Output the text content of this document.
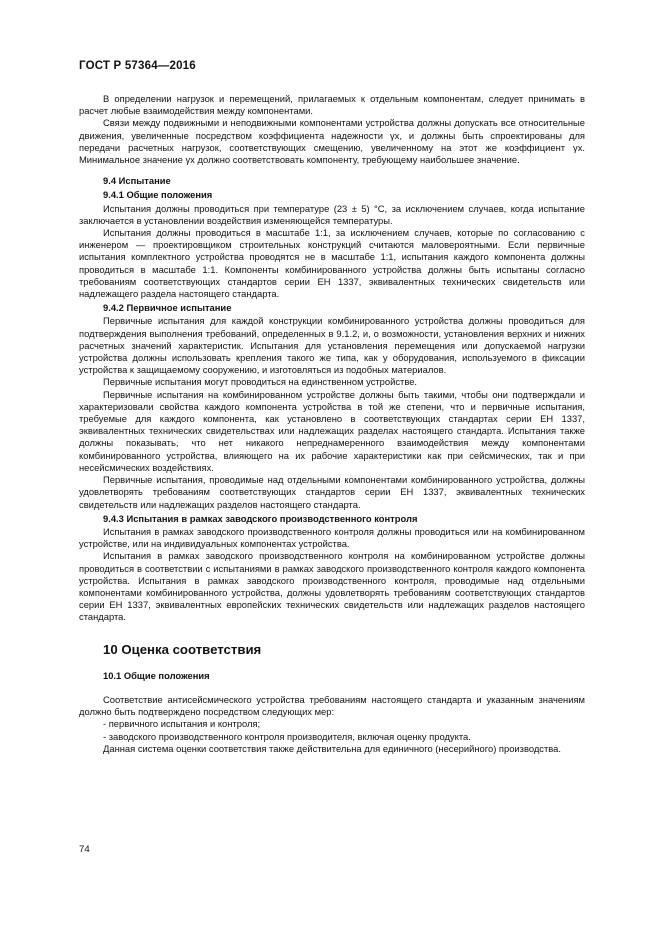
ГОСТ Р 57364—2016

В определении нагрузок и перемещений, прилагаемых к отдельным компонентам, следует принимать в расчет любые взаимодействия между компонентами.

Связи между подвижными и неподвижными компонентами устройства должны допускать все относительные движения, увеличенные посредством коэффициента надежности γx, и должны быть спроектированы для передачи расчетных нагрузок, соответствующих смещению, увеличенному на этот же коэффициент γx. Минимальное значение γx должно соответствовать компоненту, требующему наибольшее значение.

9.4 Испытание
9.4.1 Общие положения

Испытания должны проводиться при температуре (23 ± 5) °C, за исключением случаев, когда испытание заключается в установлении воздействия изменяющейся температуры.

Испытания должны проводиться в масштабе 1:1, за исключением случаев, которые по согласованию с инженером — проектировщиком строительных конструкций считаются маловероятными. Если первичные испытания комплектного устройства проводятся не в масштабе 1:1, испытания каждого компонента должны проводиться в масштабе 1:1. Компоненты комбинированного устройства должны быть испытаны согласно требованиям соответствующих стандартов серии ЕН 1337, эквивалентных технических свидетельств или надлежащего раздела настоящего стандарта.

9.4.2 Первичное испытание

Первичные испытания для каждой конструкции комбинированного устройства должны проводиться для подтверждения выполнения требований, определенных в 9.1.2, и, о возможности, установления верхних и нижних расчетных значений характеристик. Испытания для установления перемещения или допускаемой нагрузки устройства должны использовать крепления такого же типа, как у оборудования, используемого в фиксации устройства к защищаемому сооружению, и изготовляться из подобных материалов.

Первичные испытания могут проводиться на единственном устройстве.

Первичные испытания на комбинированном устройстве должны быть такими, чтобы они подтверждали и характеризовали свойства каждого компонента устройства в той же степени, что и первичные испытания, требуемые для каждого компонента, как установлено в соответствующих стандартах серии ЕН 1337, эквивалентных технических свидетельствах или надлежащих разделах настоящего стандарта. Испытания также должны показывать, что нет никакого непреднамеренного взаимодействия между компонентами комбинированного устройства, влияющего на их рабочие характеристики как при сейсмических, так и при несейсмических воздействиях.

Первичные испытания, проводимые над отдельными компонентами комбинированного устройства, должны удовлетворять требованиям соответствующих стандартов серии ЕН 1337, эквивалентных технических свидетельств или надлежащих разделов настоящего стандарта.

9.4.3 Испытания в рамках заводского производственного контроля

Испытания в рамках заводского производственного контроля должны проводиться или на комбинированном устройстве, или на индивидуальных компонентах устройства.

Испытания в рамках заводского производственного контроля на комбинированном устройстве должны проводиться в соответствии с испытаниями в рамках заводского производственного контроля каждого компонента устройства. Испытания в рамках заводского производственного контроля, проводимые над отдельными компонентами комбинированного устройства, должны удовлетворять требованиям соответствующих стандартов серии ЕН 1337, эквивалентных европейских технических свидетельств или надлежащих разделов настоящего стандарта.

10 Оценка соответствия
10.1 Общие положения

Соответствие антисейсмического устройства требованиям настоящего стандарта и указанным значениям должно быть подтверждено посредством следующих мер:

- первичного испытания и контроля;

- заводского производственного контроля производителя, включая оценку продукта.

Данная система оценки соответствия также действительна для единичного (несерийного) производства.

74
